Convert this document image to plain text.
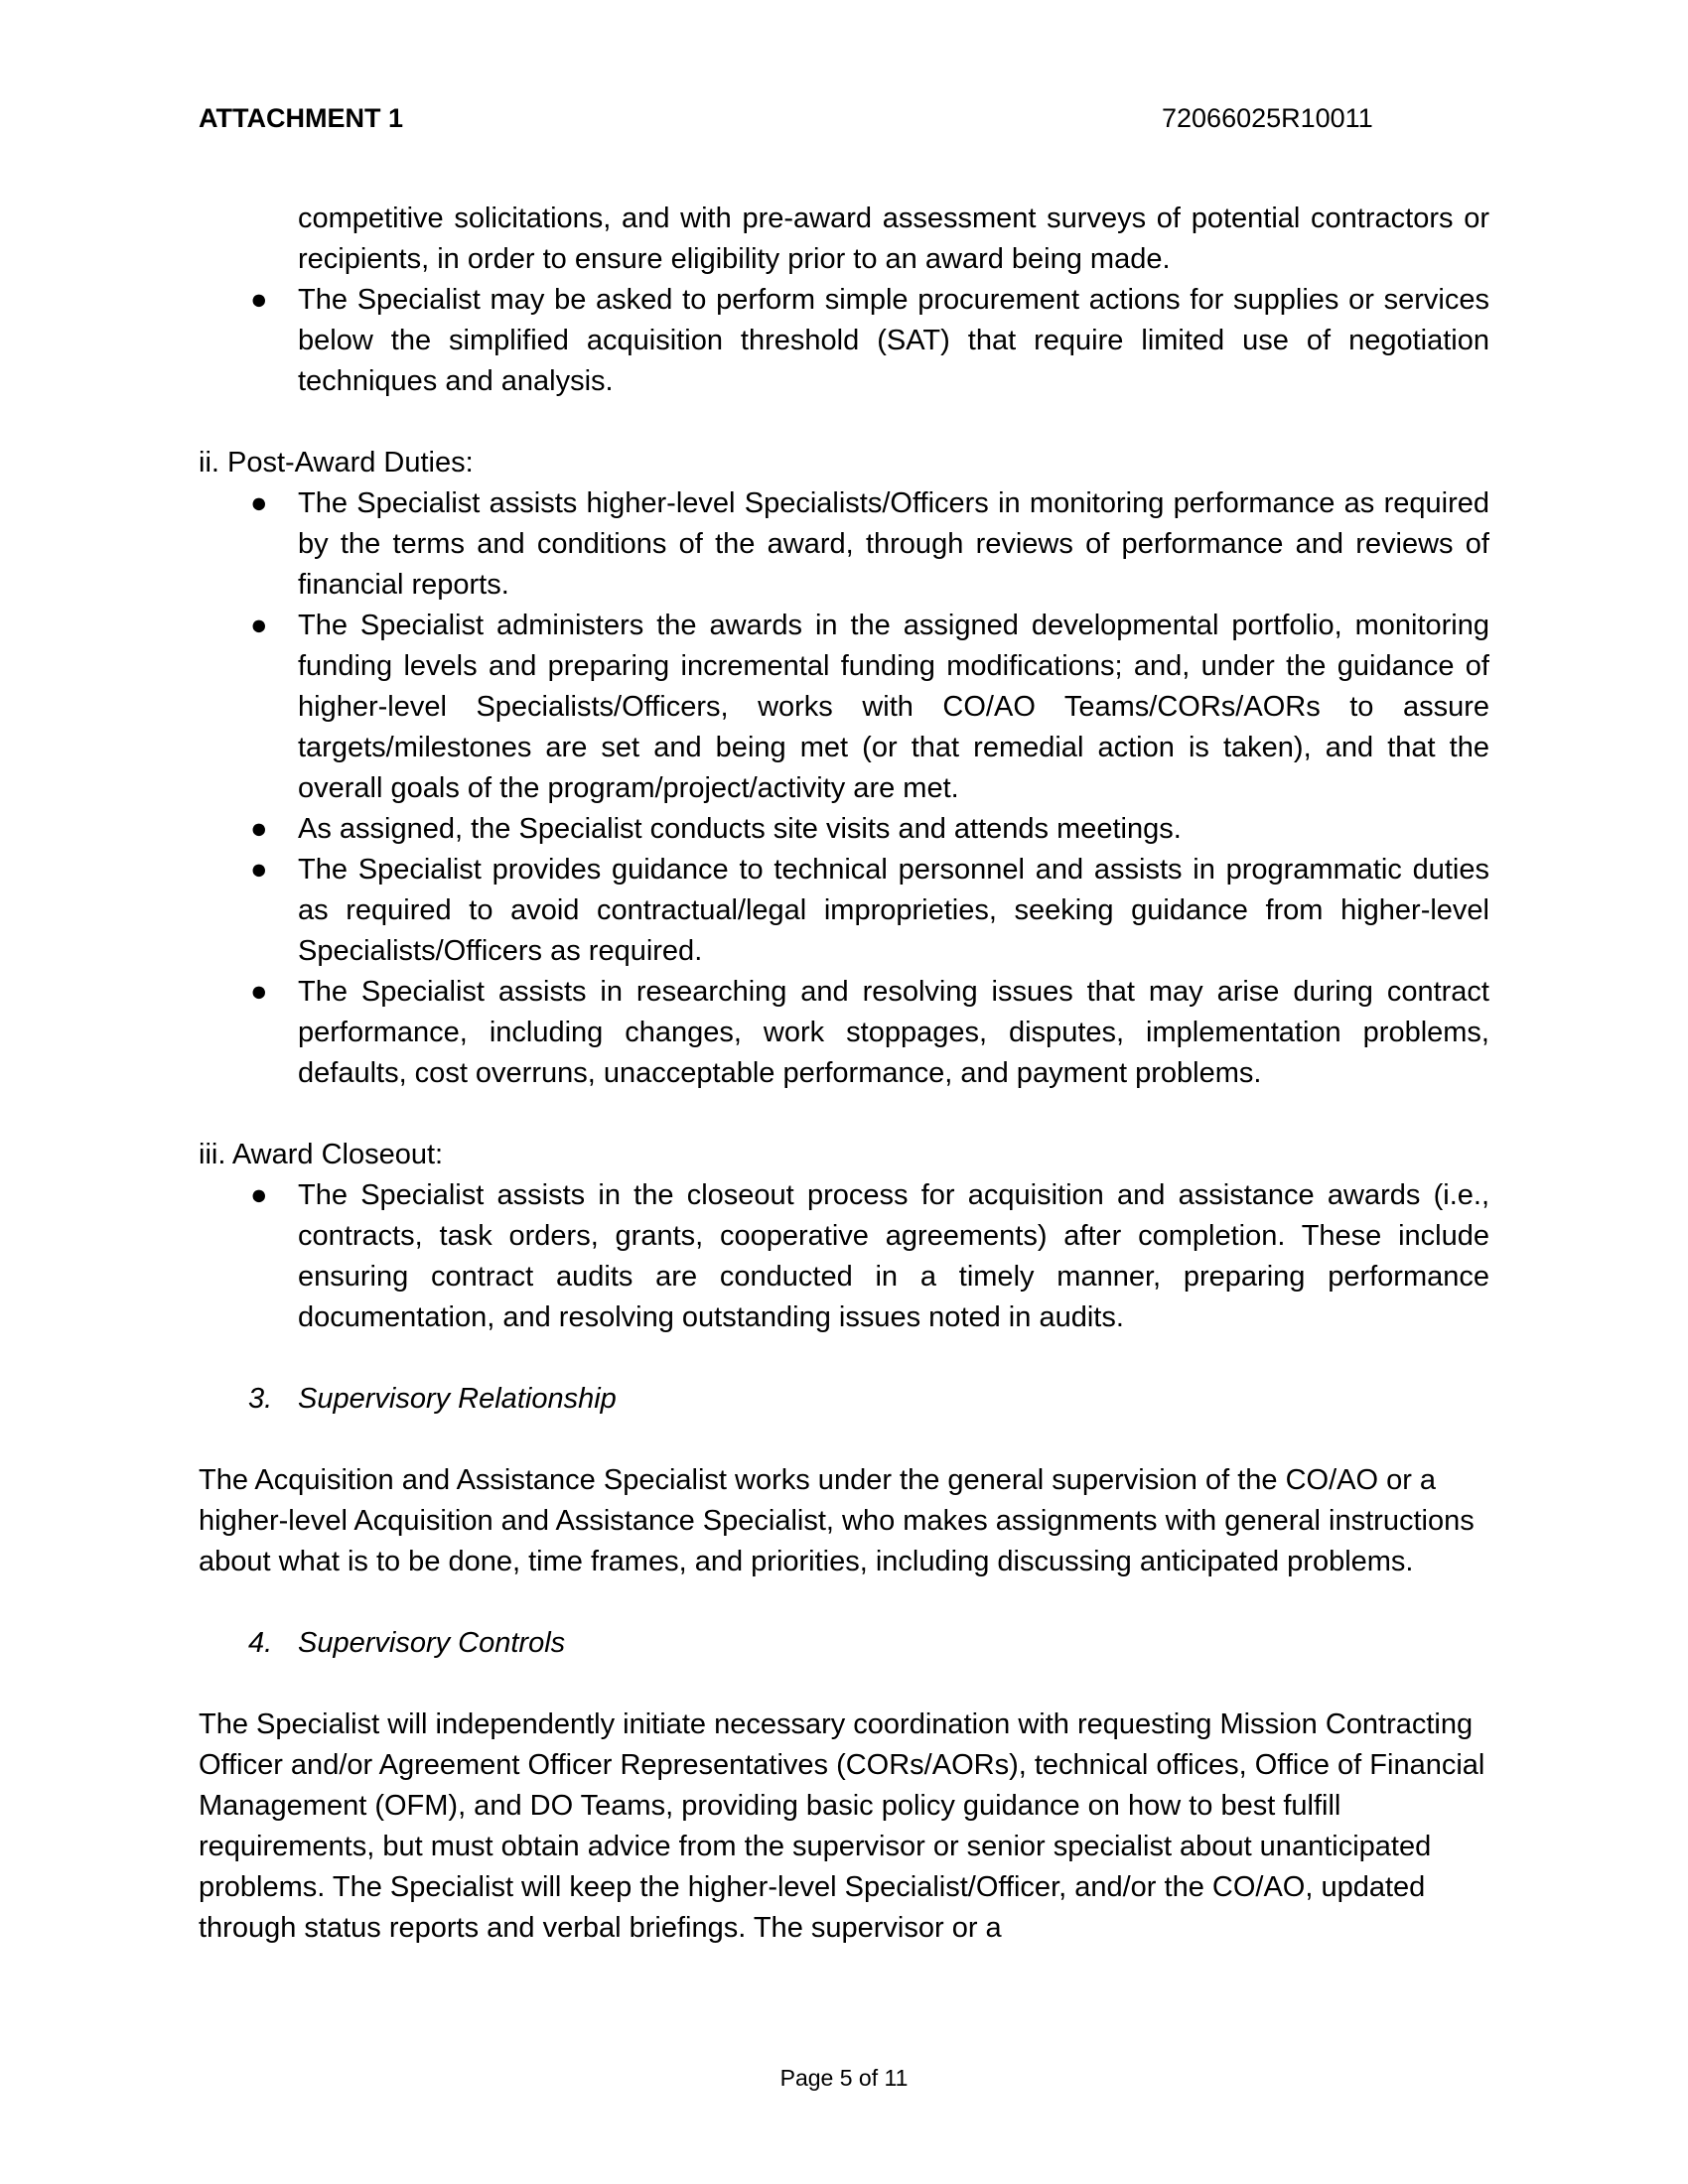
ATTACHMENT 1	72066025R10011

competitive solicitations, and with pre-award assessment surveys of potential contractors or recipients, in order to ensure eligibility prior to an award being made.

● The Specialist may be asked to perform simple procurement actions for supplies or services below the simplified acquisition threshold (SAT) that require limited use of negotiation techniques and analysis.
ii. Post-Award Duties:
● The Specialist assists higher-level Specialists/Officers in monitoring performance as required by the terms and conditions of the award, through reviews of performance and reviews of financial reports.
● The Specialist administers the awards in the assigned developmental portfolio, monitoring funding levels and preparing incremental funding modifications; and, under the guidance of higher-level Specialists/Officers, works with CO/AO Teams/CORs/AORs to assure targets/milestones are set and being met (or that remedial action is taken), and that the overall goals of the program/project/activity are met.
● As assigned, the Specialist conducts site visits and attends meetings.
● The Specialist provides guidance to technical personnel and assists in programmatic duties as required to avoid contractual/legal improprieties, seeking guidance from higher-level Specialists/Officers as required.
● The Specialist assists in researching and resolving issues that may arise during contract performance, including changes, work stoppages, disputes, implementation problems, defaults, cost overruns, unacceptable performance, and payment problems.
iii. Award Closeout:
● The Specialist assists in the closeout process for acquisition and assistance awards (i.e., contracts, task orders, grants, cooperative agreements) after completion. These include ensuring contract audits are conducted in a timely manner, preparing performance documentation, and resolving outstanding issues noted in audits.
3. Supervisory Relationship
The Acquisition and Assistance Specialist works under the general supervision of the CO/AO or a higher-level Acquisition and Assistance Specialist, who makes assignments with general instructions about what is to be done, time frames, and priorities, including discussing anticipated problems.
4. Supervisory Controls
The Specialist will independently initiate necessary coordination with requesting Mission Contracting Officer and/or Agreement Officer Representatives (CORs/AORs), technical offices, Office of Financial Management (OFM), and DO Teams, providing basic policy guidance on how to best fulfill requirements, but must obtain advice from the supervisor or senior specialist about unanticipated problems. The Specialist will keep the higher-level Specialist/Officer, and/or the CO/AO, updated through status reports and verbal briefings. The supervisor or a
Page 5 of 11
